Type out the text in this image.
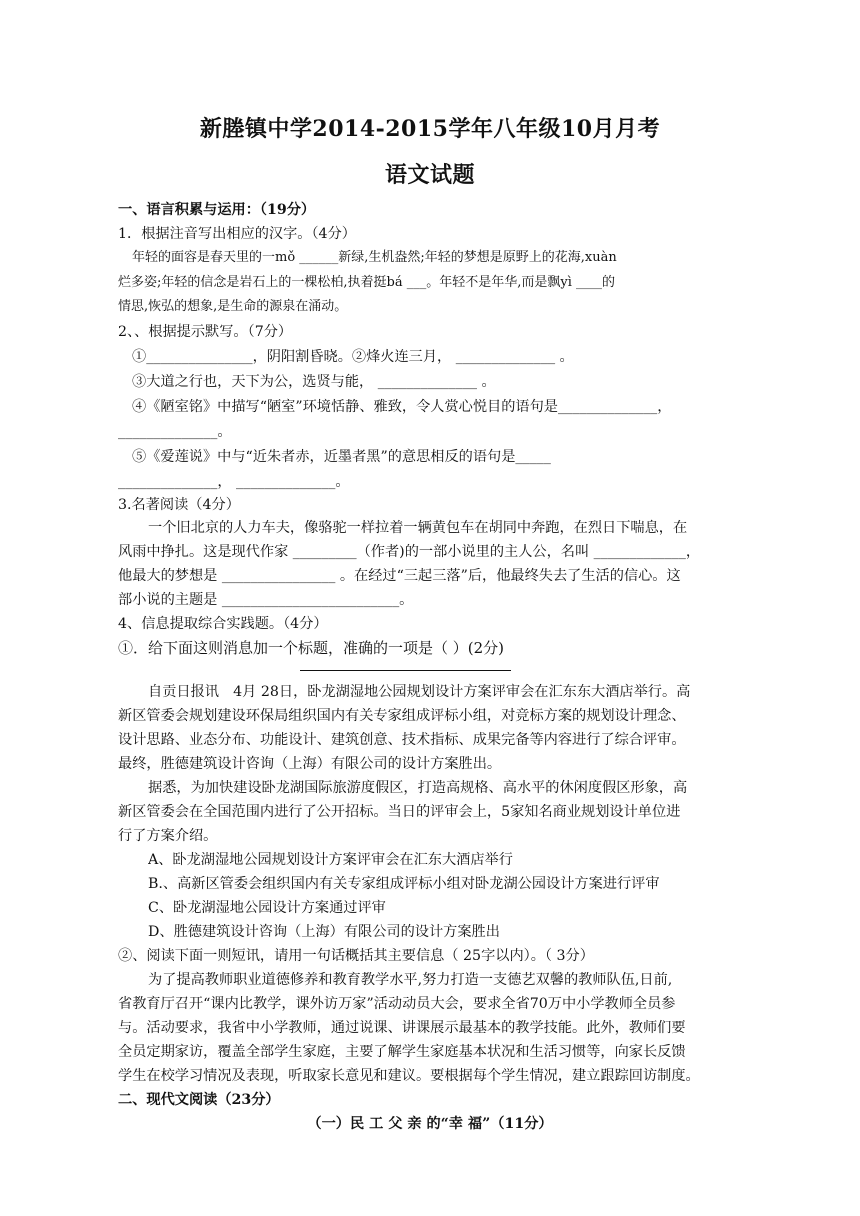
新塍镇中学2014-2015学年八年级10月月考
语文试题
一、语言积累与运用：（19分）
1．根据注音写出相应的汉字。（4分）
年轻的面容是春天里的一mǒ ______新绿,生机盎然;年轻的梦想是原野上的花海,xuàn
烂多姿;年轻的信念是岩石上的一棵松柏,执着挺bá ___。年轻不是年华,而是飘yì ____的
情思,恢弘的想象,是生命的源泉在涌动。
2、、根据提示默写。（7分）
①_______________，阴阳割昏晓。②烽火连三月， ______________ 。
③大道之行也，天下为公，选贤与能， ______________ 。
④《陋室铭》中描写“陋室”环境恬静、雅致，令人赏心悦目的语句是______________，
______________。
⑤《爱莲说》中与“近朱者赤，近墨者黑”的意思相反的语句是_____
______________， ______________。
3.名著阅读（4分）
一个旧北京的人力车夫，像骆驼一样拉着一辆黄包车在胡同中奔跑，在烈日下喘息，在
风雨中挣扎。这是现代作家 _________（作者)的一部小说里的主人公，名叫 _____________，
他最大的梦想是 ________________ 。在经过“三起三落”后，他最终失去了生活的信心。这
部小说的主题是 _________________________。
4、信息提取综合实践题。（4分）
①．给下面这则消息加一个标题，准确的一项是（ ）(2分)
自贡日报讯　4月 28日，卧龙湖湿地公园规划设计方案评审会在汇东东大酒店举行。高
新区管委会规划建设环保局组织国内有关专家组成评标小组，对竞标方案的规划设计理念、
设计思路、业态分布、功能设计、建筑创意、技术指标、成果完备等内容进行了综合评审。
最终，胜德建筑设计咨询（上海）有限公司的设计方案胜出。
据悉，为加快建设卧龙湖国际旅游度假区，打造高规格、高水平的休闲度假区形象，高
新区管委会在全国范围内进行了公开招标。当日的评审会上，5家知名商业规划设计单位进
行了方案介绍。
A、卧龙湖湿地公园规划设计方案评审会在汇东大酒店举行
B.、高新区管委会组织国内有关专家组成评标小组对卧龙湖公园设计方案进行评审
C、卧龙湖湿地公园设计方案通过评审
D、胜德建筑设计咨询（上海）有限公司的设计方案胜出
②、阅读下面一则短讯，请用一句话概括其主要信息（ 25字以内）。（ 3分）
为了提高教师职业道德修养和教育教学水平,努力打造一支德艺双馨的教师队伍,日前,
省教育厅召开“课内比教学，课外访万家”活动动员大会，要求全省70万中小学教师全员参
与。活动要求，我省中小学教师，通过说课、讲课展示最基本的教学技能。此外，教师们要
全员定期家访，覆盖全部学生家庭，主要了解学生家庭基本状况和生活习惯等，向家长反馈
学生在校学习情况及表现，听取家长意见和建议。要根据每个学生情况，建立跟踪回访制度。
二、现代文阅读（23分）
（一）民 工 父 亲 的“幸 福”（11分）
